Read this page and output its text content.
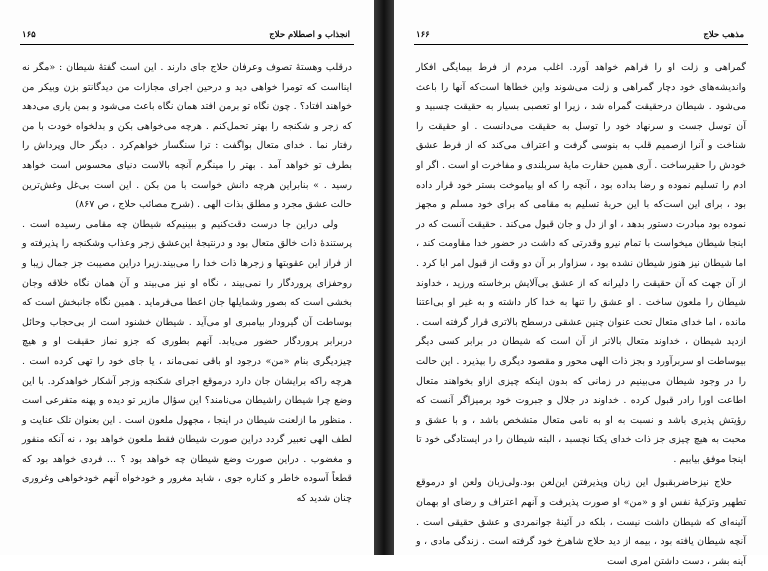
۱۶۵	انجذاب و اصطلام حلاج

درقلب وهستهٔ تصوف وعرفان حلاج جای دارند . این است گفتهٔ شیطان : «مگر نه اینااست که تومرا خواهی دید و درحین اجرای مجازات من دیدگانتو بزن وبیکر من خواهند افتاد؟ . چون نگاه تو برمن افتد همان نگاه باعث می‌شود و بمن یاری می‌دهد که زجر و شکنجه را بهتر تحمل‌کنم . هرچه می‌خواهی بکن و بدلخواه خودت با من رفتار نما . خدای متعال بواگفت : ترا سنگسار خواهم‌کرد . دیگر حال وپرداش را بطرف تو خواهد آمد . بهتر را مینگرم آنچه بالاست دنیای محسوس است خواهد رسید . » بنابراین هرچه دانش خواست با من بکن . این است بی‌غل وغش‌ترین حالت عشق مجرد و مطلق بذات الهی . (شرح مصائب حلاج ، ص ۸۶۷)

ولی دراین جا درست دقت‌کنیم و ببینیم‌که شیطان چه مقامی رسیده است . پرستندهٔ ذات خالق متعال بود و درنتیجهٔ این‌عشق زجر وعذاب وشکنجه را پذیرفته و از فراز این عقوبتها و زجرها ذات خدا را می‌بیند.زیرا دراین مصیبت جز جمال زیبا و روحفزای پروردگار را نمی‌بیند ، نگاه او نیز می‌بیند و آن همان نگاه خلاقه وجان بخشی است که بصور وشمایلها جان اعطا می‌فرماید . همین نگاه جانبخش است که بوساطت آن گیرودار بیامبری او می‌آید . شیطان خشنود است از بی‌حجاب وحائل دربرابر پروردگار حضور می‌یابد. آنهم بطوری که جزو نماز حقیقت او و هیچ چیزدیگری بنام «من» درجود او باقی نمی‌ماند ، یا جای خود را تهی کرده است . هرچه راکه برایشان جان دارد درموقع اجرای شکنجه وزجر آشکار خواهدکرد. با این وضع چرا شیطان راشیطان می‌نامند؟ این سؤال مازیر تو دیده و پهنه متفرعی است . منظور ما ازلعنت شیطان در اینجا ، مجهول ملعون است . این بعنوان تلک عنایت و لطف الهی تعبیر گردد دراین صورت شیطان فقط ملعون خواهد بود ، نه آنکه منفور و مغضوب . دراین صورت وضع شیطان چه خواهد بود ؟ ... فردی خواهد بود که قطعاً آسوده خاطر و کناره جوی ، شاید مغرور و خودخواه آنهم خودخواهی وغروری چنان شدید که

۱۶۶	مذهب حلاج

گمراهی و زلت او را فراهم خواهد آورد. اغلب مردم از فرط بیمایگی افکار واندیشه‌های خود دچار گمراهی و زلت می‌شوند واین خطاها است‌که آنها را باعث می‌شود . شیطان درحقیقت گمراه شد ، زیرا او تعصبی بسیار به حقیقت چسبید و آن توسل جست و سرنهاد خود را توسل به حقیقت می‌دانست . او حقیقت را شناخت و آنرا ازصمیم قلب به بنوسی گرفت و اعتراف می‌کند که از فرط عشق خودش را حقیرساخت . آری همین حقارت مایهٔ سربلندی و مفاخرت او است . اگر او ادم را تسلیم نموده و رضا بداده بود ، آنچه را که او بیاموخت بستر خود قرار داده بود ، برای این است‌که با این حربهٔ تسلیم به مقامی که برای خود مسلم و مجهز نموده بود مبادرت دستور بدهد ، او از دل و جان قبول می‌کند . حقیقت آنست که در اینجا شیطان میخواست با تمام نیرو وقدرتی که داشت در حضور خدا مقاومت کند ، اما شیطان نیز هنوز شیطان نشده بود ، سزاوار بر آن دو وقت از قبول امر ابا کرد . از آن جهت که آن حقیقت را دلیرانه که از عشق بی‌آلایش برخاسته ورزید ، خداوند شیطان را ملعون ساخت . او عشق را تنها به خدا کار داشته و به غیر او بی‌اعتنا مانده ، اما خدای متعال تحت عنوان چنین عشقی درسطح بالاتری قرار گرفته است . ازدید شیطان ، خداوند متعال بالاتر از آن است که شیطان در برابر کسی دیگر بیوساطت او سربرآورد و بجز ذات الهی محور و مقصود دیگری را بپذیرد . این حالت را در وجود شیطان می‌بینیم در زمانی که بدون اینکه چیزی ازاو بخواهند متعال اطاعت اورا رادر قبول کرده . خداوند در جلال و جبروت خود برمیزاگر آنست که رؤیتش پذیری باشد و نسبت به او به نامی متعال متشخص باشد ، و با عشق و محبت به هیچ چیزی جز ذات خدای یکتا نچسبد ، البته شیطان را در ایستادگی خود تا اینجا موفق بیابیم .

حلاج نیزحاضربقبول این زبان وپذیرفتن این‌لعن بود.ولی‌زبان ولعن او درموقع تطهیر وتزکیهٔ نفس او و «من» او صورت پذیرفت و آنهم اعتراف و رضای او بهمان آئینه‌ای که شیطان داشت نیست ، بلکه در آئینهٔ جوانمردی و عشق حقیقی است . آنچه شیطان یافته بود ، بیمه از دید حلاج شاهرخ خود گرفته است . زندگی مادی ، و آینه بشر ، دست داشتن امری است
